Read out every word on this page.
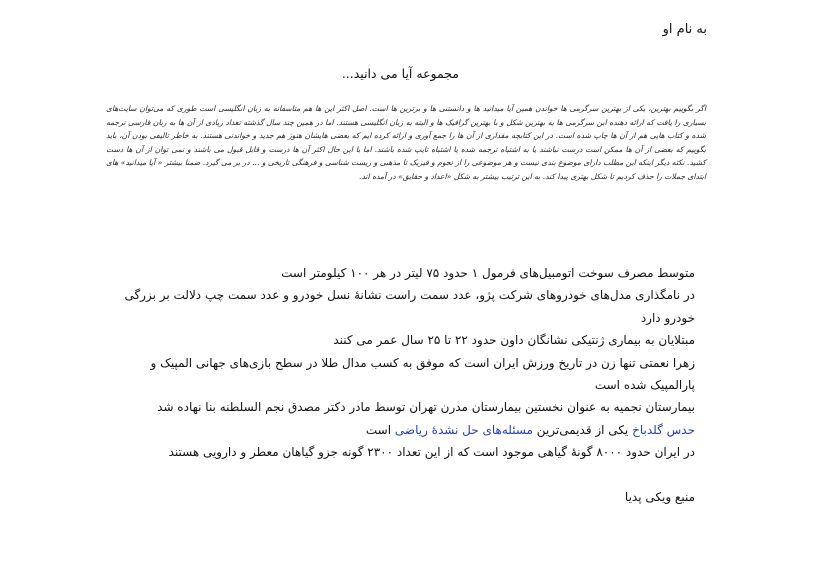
به نام او
مجموعه آیا می دانید...
اگر بگوییم بهترین، یکی از بهترین سرگرمی ها خواندن همین آیا میدانید ها و دانستنی ها و برترین ها است. اصل اکثر این ها هم متاسفانه به زبان انگلیسی است طوری که می‌توان سایت‌های بسیاری را یافت که ارائه دهنده این سرگرمی ها به بهترین شکل و با بهترین گرافیک ها و البته به زبان انگلیسی هستند. اما در همین چند سال گذشته تعداد زیادی از آن ها به زبان فارسی ترجمه شده و کتاب هایی هم از آن ها چاپ شده است. در این کتابچه مقداری از آن ها را جمع آوری و ارائه کرده ایم که بعضی هایشان هنوز هم جدید و خواندنی هستند. به خاطر تالیفی بودن آن، باید بگوییم که بعضی از آن ها ممکن است درست نباشند یا به اشتباه ترجمه شده یا اشتباه تایپ شده باشند. اما با این حال اکثر آن ها درست و قابل قبول می باشند و نمی توان از آن ها دست کشید. نکته دیگر اینکه این مطلب دارای موضوع بندی نیست و هر موضوعی را از نجوم و فیزیک تا مذهبی و زیست شناسی و فرهنگی تاریخی و ... در بر می گیرد. ضمنا بیشتر « آیا میدانید» های ابتدای جملات را حذف کردیم تا شکل بهتری پیدا کند. به این ترتیب بیشتر به شکل «اعداد و حقایق» در آمده اند.

متوسط مصرف سوخت اتومبیل‌های فرمول ۱ حدود ۷۵ لیتر در هر ۱۰۰ کیلومتر است

در نامگذاری مدل‌های خودروهای شرکت پژو، عدد سمت راست نشانهٔ نسل خودرو و عدد سمت چپ دلالت بر بزرگی خودرو دارد

مبتلایان به بیماری ژنتیکی نشانگان داون حدود ۲۲ تا ۲۵ سال عمر می کنند

زهرا نعمتی تنها زن در تاریخ ورزش ایران است که موفق به کسب مدال طلا در سطح بازی‌های جهانی المپیک و پارالمپیک شده است

بیمارستان نجمیه به عنوان نخستین بیمارستان مدرن تهران توسط مادر دکتر مصدق نجم السلطنه بنا نهاده شد

حدس گلدباخ یکی از قدیمی‌ترین مسئله‌های حل نشدهٔ ریاضی است

در ایران حدود ۸۰۰۰ گونهٔ گیاهی موجود است که از این تعداد ۲۳۰۰ گونه جزو گیاهان معطر و دارویی هستند

منبع ویکی پدیا
